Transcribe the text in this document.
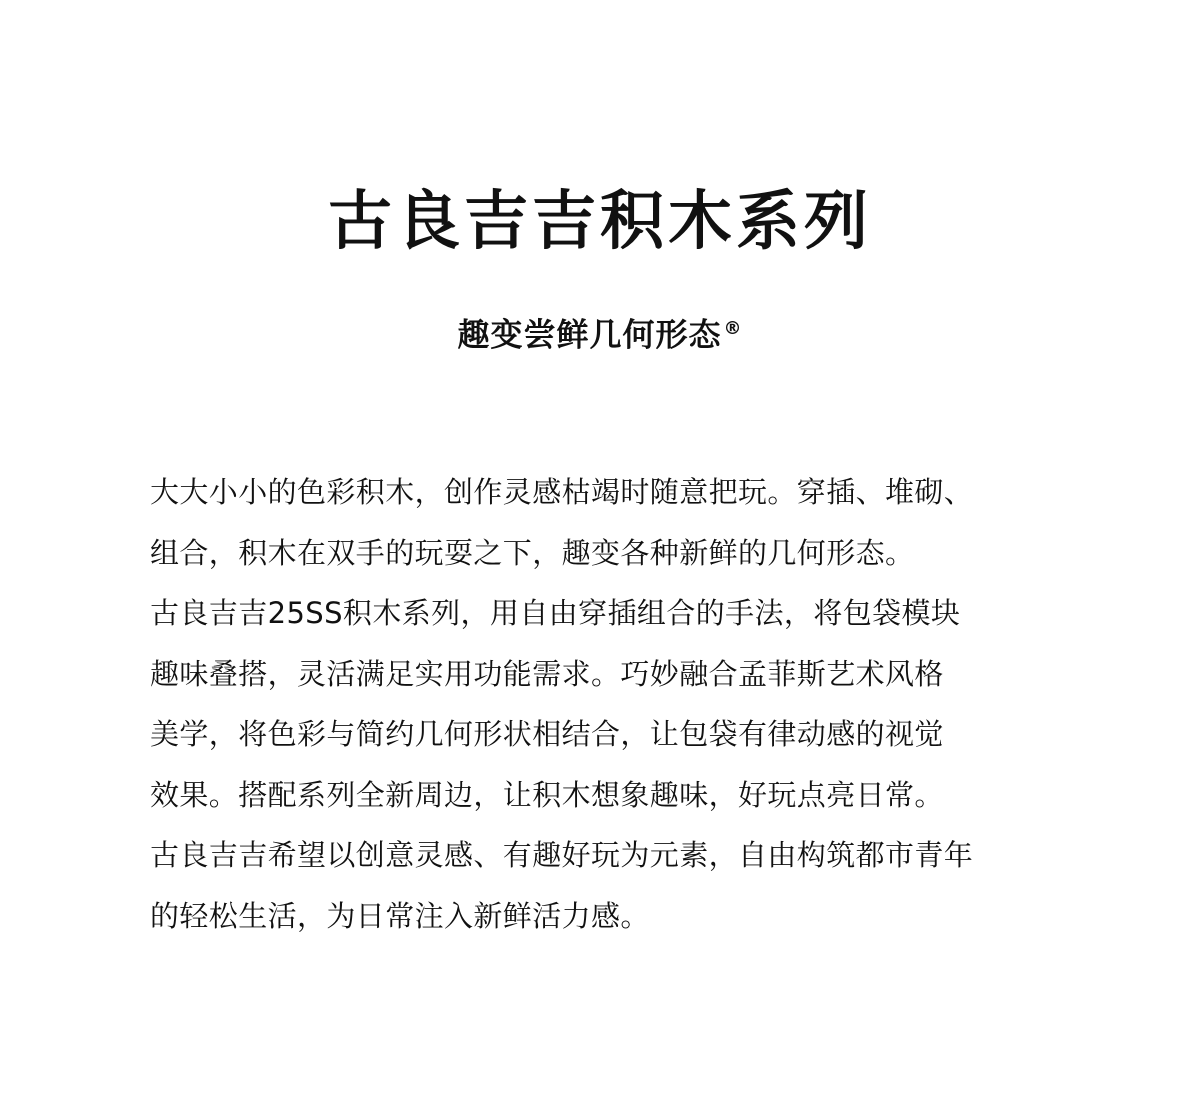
古良吉吉积木系列
趣变尝鲜几何形态 ®
大大小小的色彩积木，创作灵感枯竭时随意把玩。穿插、堆砌、
组合，积木在双手的玩耍之下，趣变各种新鲜的几何形态。
古良吉吉25SS积木系列，用自由穿插组合的手法，将包袋模块
趣味叠搭，灵活满足实用功能需求。巧妙融合孟菲斯艺术风格
美学，将色彩与简约几何形状相结合，让包袋有律动感的视觉
效果。搭配系列全新周边，让积木想象趣味，好玩点亮日常。
古良吉吉希望以创意灵感、有趣好玩为元素，自由构筑都市青年
的轻松生活，为日常注入新鲜活力感。
